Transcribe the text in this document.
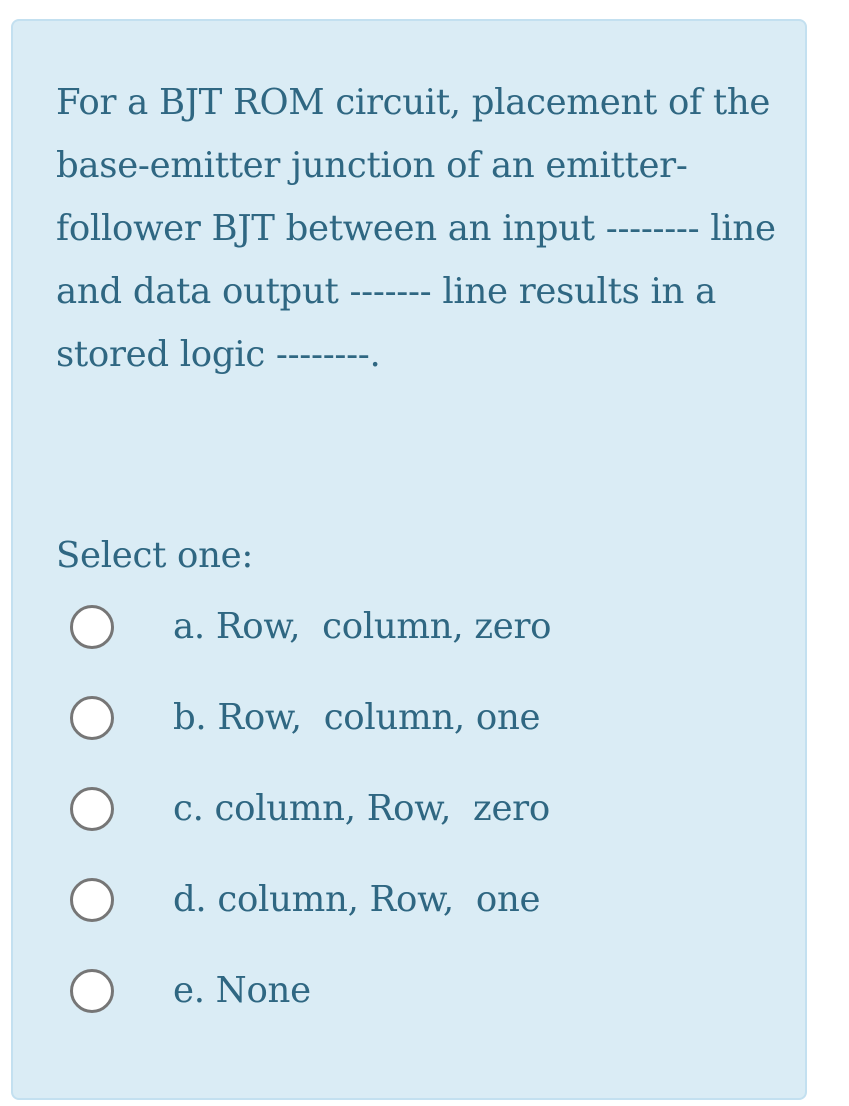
For a BJT ROM circuit, placement of the
base-emitter junction of an emitter-
follower BJT between an input -------- line
and data output ------- line results in a
stored logic --------.

Select one:

a. Row,  column, zero
b. Row,  column, one
c. column, Row,  zero
d. column, Row,  one
e. None
